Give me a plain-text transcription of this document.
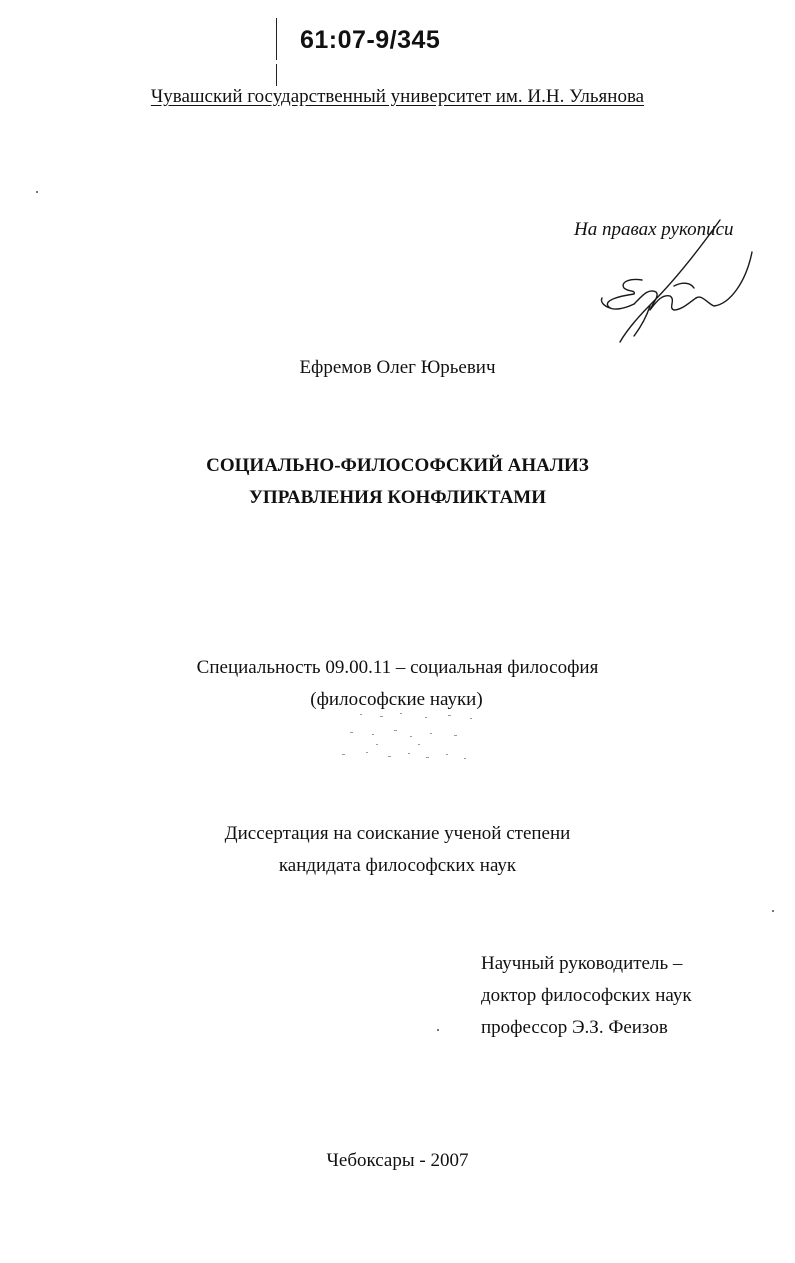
61:07-9/345
Чувашский государственный университет им. И.Н. Ульянова
На правах рукописи
Ефремов Олег Юрьевич
СОЦИАЛЬНО-ФИЛОСОФСКИЙ АНАЛИЗ
УПРАВЛЕНИЯ КОНФЛИКТАМИ
Специальность 09.00.11 – социальная философия
(философские науки)
Диссертация на соискание ученой степени
кандидата философских наук
Научный руководитель –
доктор философских наук
профессор Э.З. Феизов
Чебоксары - 2007
